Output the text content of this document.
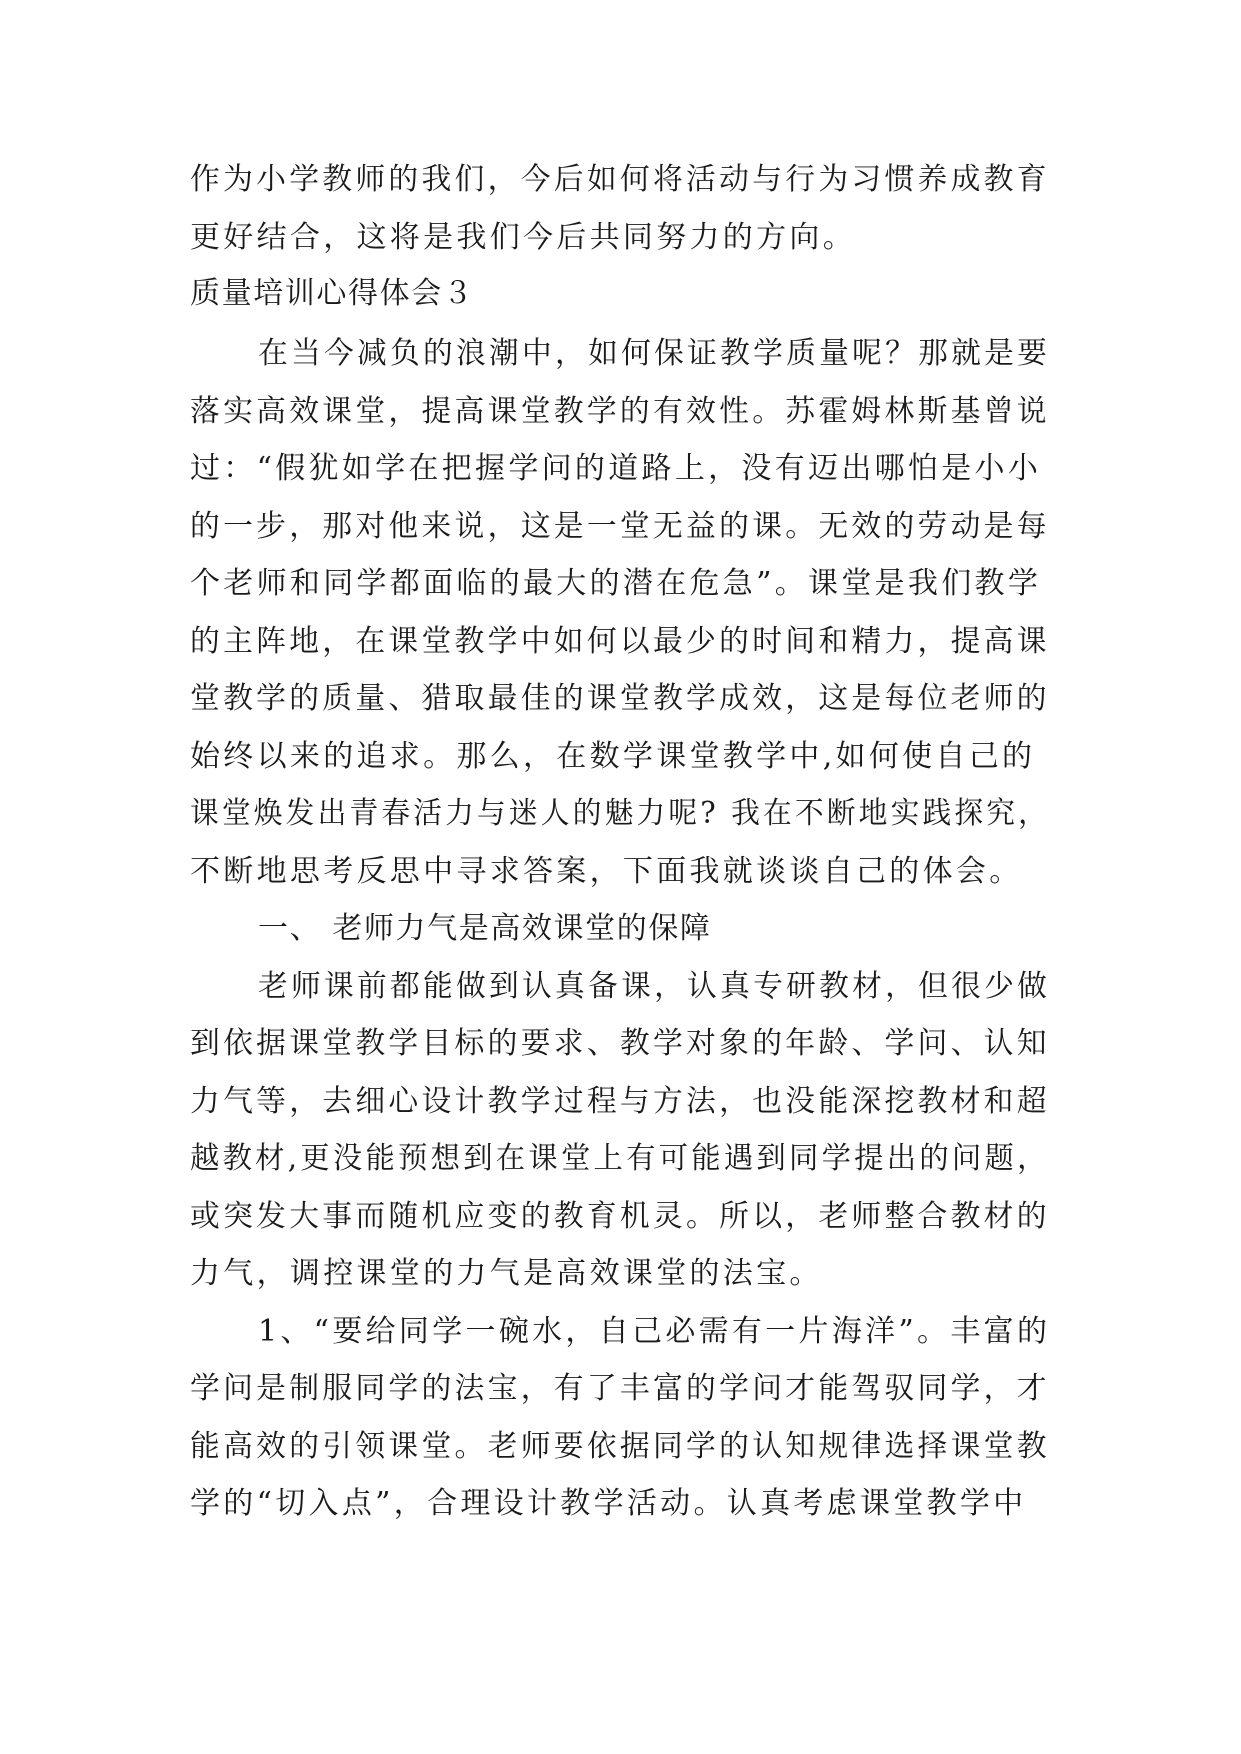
作为小学教师的我们，今后如何将活动与行为习惯养成教育
更好结合，这将是我们今后共同努力的方向。
质量培训心得体会３
在当今减负的浪潮中，如何保证教学质量呢？那就是要
落实高效课堂，提高课堂教学的有效性。苏霍姆林斯基曾说
过：“假犹如学在把握学问的道路上，没有迈出哪怕是小小
的一步，那对他来说，这是一堂无益的课。无效的劳动是每
个老师和同学都面临的最大的潜在危急”。课堂是我们教学
的主阵地，在课堂教学中如何以最少的时间和精力，提高课
堂教学的质量、猎取最佳的课堂教学成效，这是每位老师的
始终以来的追求。那么，在数学课堂教学中,如何使自己的
课堂焕发出青春活力与迷人的魅力呢? 我在不断地实践探究，
不断地思考反思中寻求答案，下面我就谈谈自己的体会。
一、 老师力气是高效课堂的保障
老师课前都能做到认真备课，认真专研教材，但很少做
到依据课堂教学目标的要求、教学对象的年龄、学问、认知
力气等，去细心设计教学过程与方法，也没能深挖教材和超
越教材,更没能预想到在课堂上有可能遇到同学提出的问题，
或突发大事而随机应变的教育机灵。所以，老师整合教材的
力气，调控课堂的力气是高效课堂的法宝。
1、“要给同学一碗水，自己必需有一片海洋”。丰富的
学问是制服同学的法宝，有了丰富的学问才能驾驭同学，才
能高效的引领课堂。老师要依据同学的认知规律选择课堂教
学的“切入点”，合理设计教学活动。认真考虑课堂教学中
